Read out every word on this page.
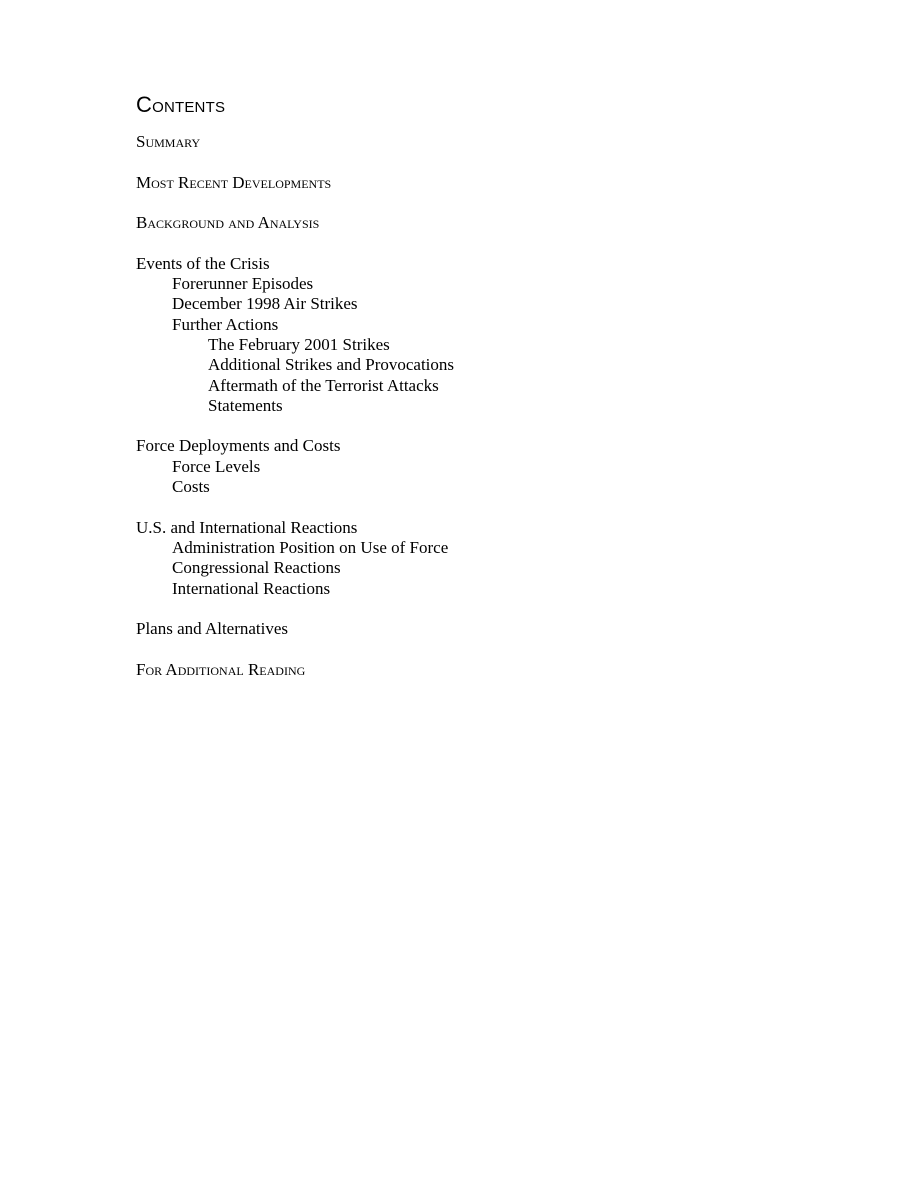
Contents
Summary
Most Recent Developments
Background and Analysis
Events of the Crisis
Forerunner Episodes
December 1998 Air Strikes
Further Actions
The February 2001 Strikes
Additional Strikes and Provocations
Aftermath of the Terrorist Attacks
Statements
Force Deployments and Costs
Force Levels
Costs
U.S. and International Reactions
Administration Position on Use of Force
Congressional Reactions
International Reactions
Plans and Alternatives
For Additional Reading
